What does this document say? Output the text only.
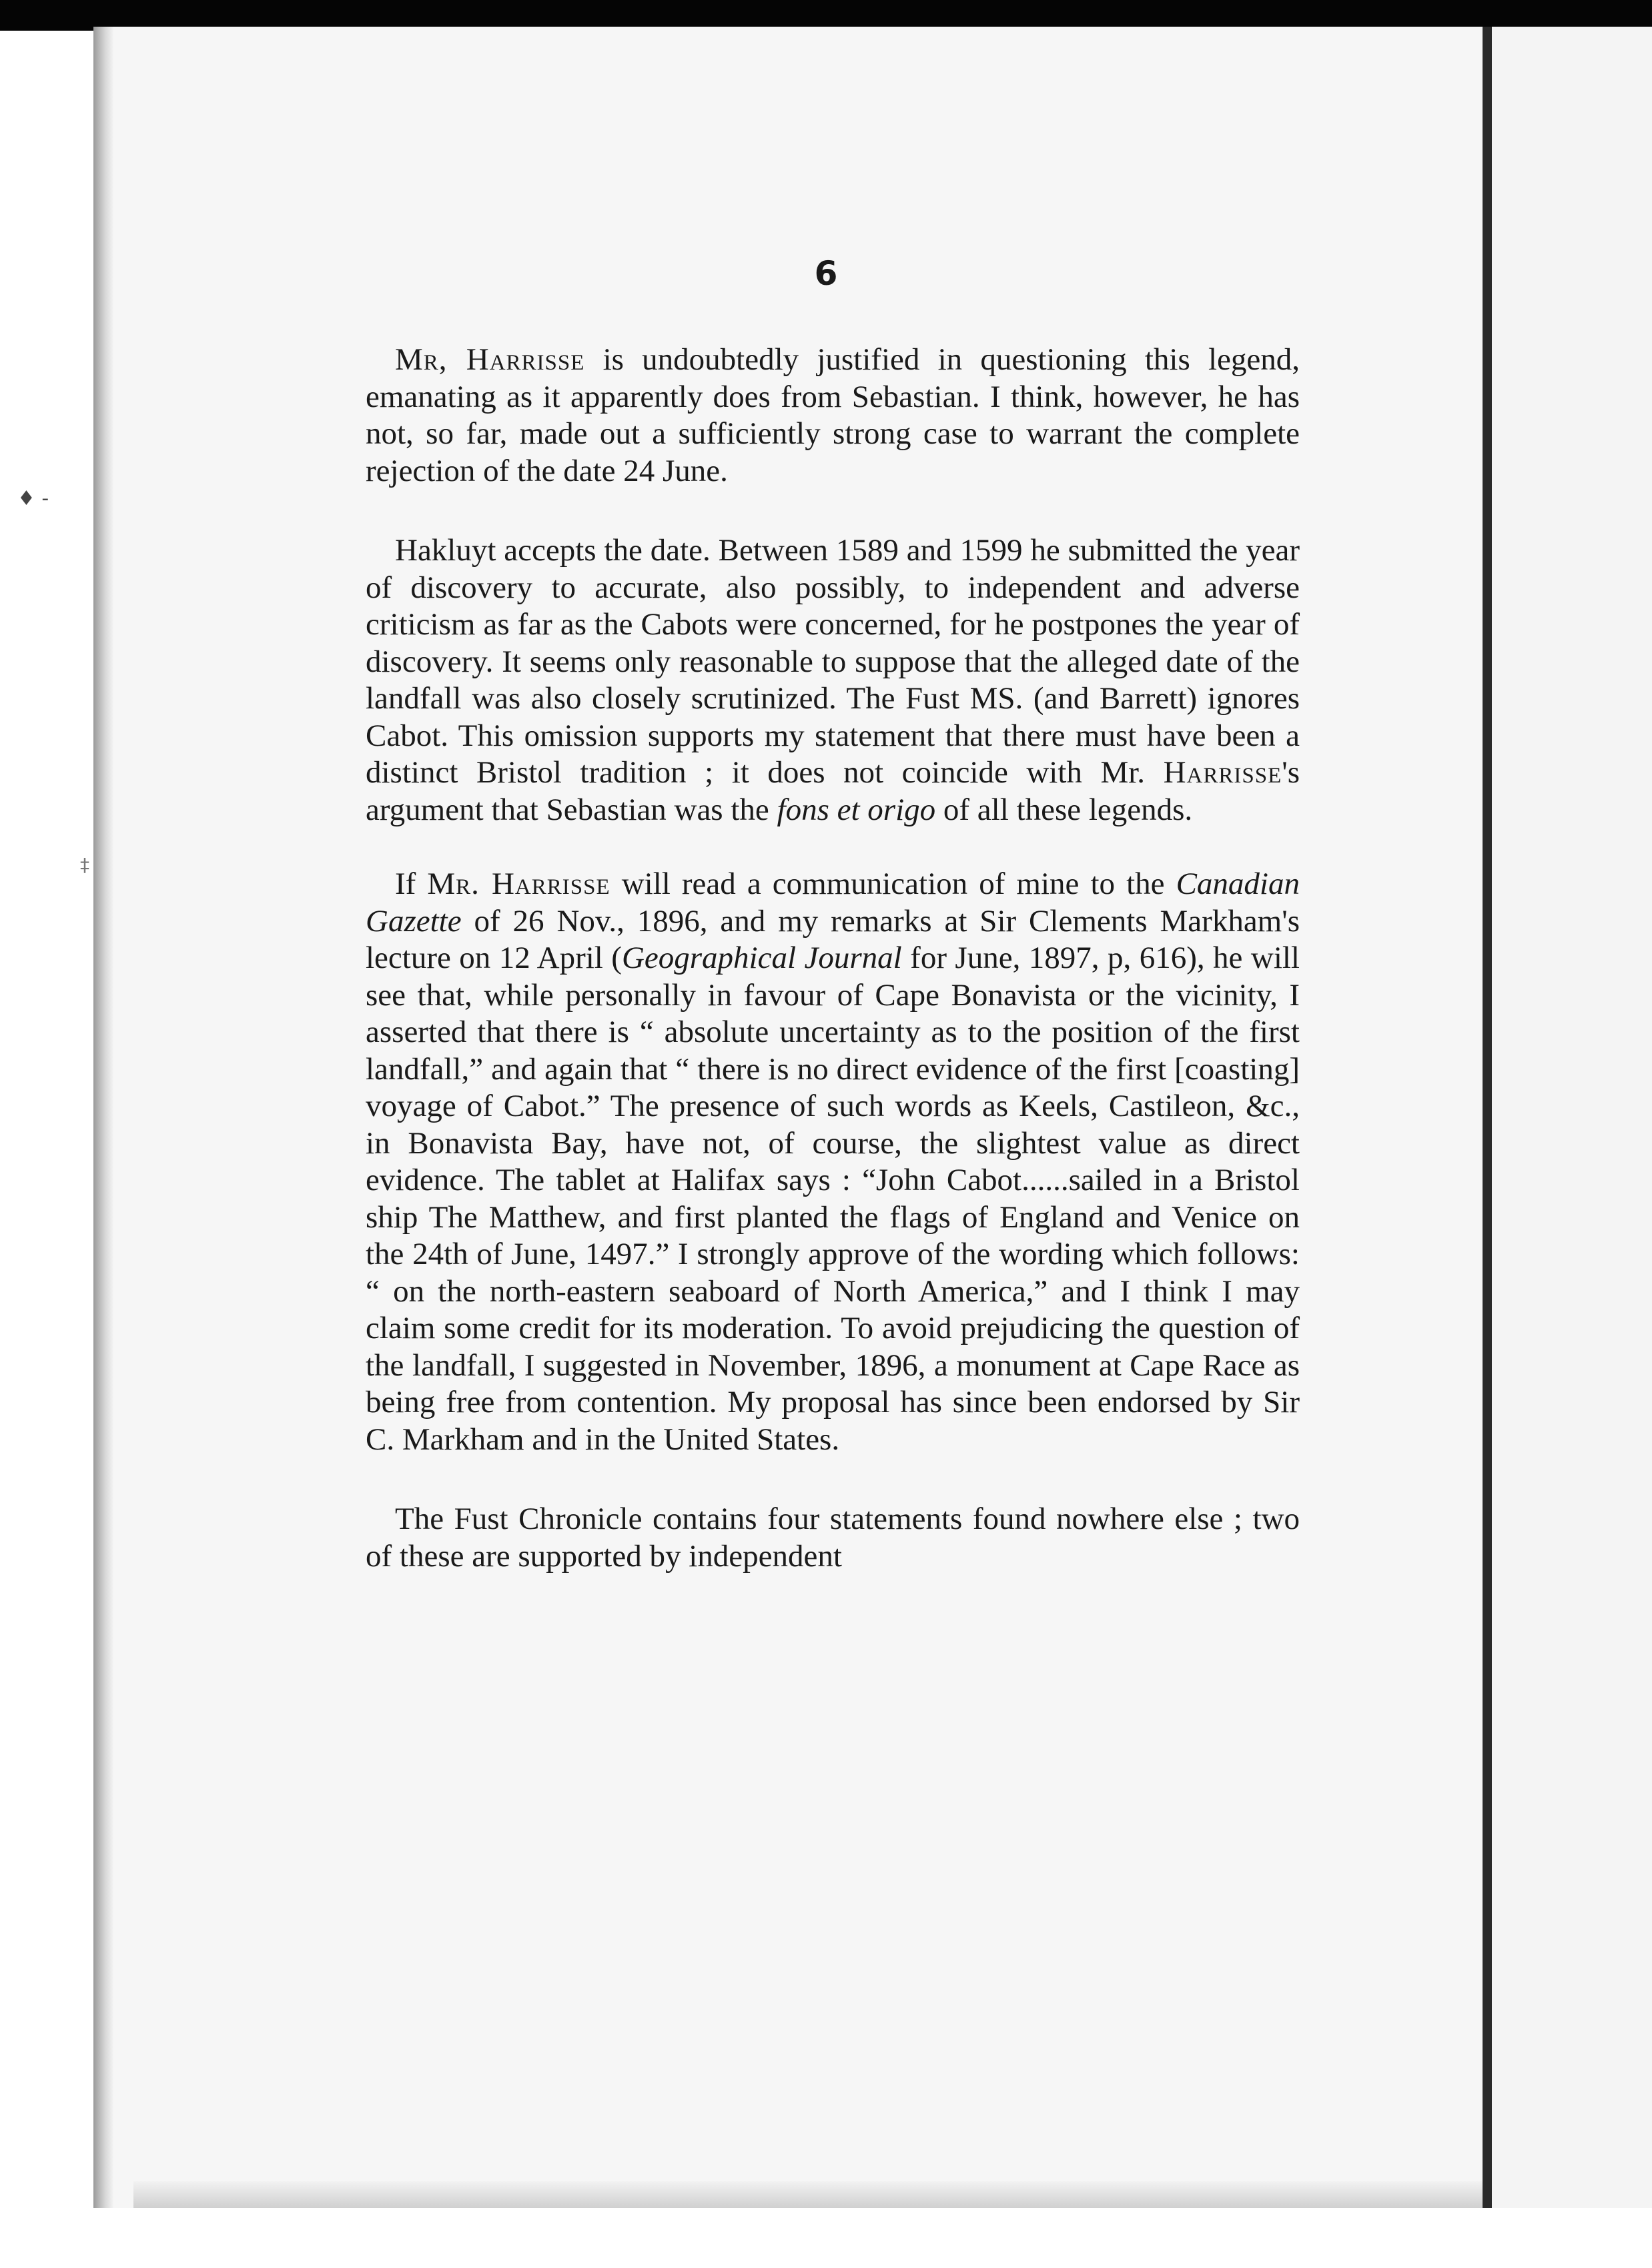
♦ -
‡
6

Mr, Harrisse is undoubtedly justified in questioning this legend, emanating as it apparently does from Sebastian. I think, however, he has not, so far, made out a sufficiently strong case to warrant the complete rejection of the date 24 June.

Hakluyt accepts the date. Between 1589 and 1599 he submitted the year of discovery to accurate, also possibly, to independent and adverse criticism as far as the Cabots were concerned, for he postpones the year of discovery. It seems only reasonable to suppose that the alleged date of the landfall was also closely scrutinized. The Fust MS. (and Barrett) ignores Cabot. This omission supports my statement that there must have been a distinct Bristol tradition ; it does not coincide with Mr. Harrisse's argument that Sebastian was the fons et origo of all these legends.

If Mr. Harrisse will read a communication of mine to the Canadian Gazette of 26 Nov., 1896, and my remarks at Sir Clements Markham's lecture on 12 April (Geographical Journal for June, 1897, p, 616), he will see that, while personally in favour of Cape Bonavista or the vicinity, I asserted that there is “ absolute uncertainty as to the position of the first landfall,” and again that “ there is no direct evidence of the first [coasting] voyage of Cabot.” The presence of such words as Keels, Castileon, &c., in Bonavista Bay, have not, of course, the slightest value as direct evidence. The tablet at Halifax says : “John Cabot......sailed in a Bristol ship The Matthew, and first planted the flags of England and Venice on the 24th of June, 1497.” I strongly approve of the wording which follows: “ on the north-eastern seaboard of North America,” and I think I may claim some credit for its moderation. To avoid prejudicing the question of the landfall, I suggested in November, 1896, a monument at Cape Race as being free from contention. My proposal has since been endorsed by Sir C. Markham and in the United States.

The Fust Chronicle contains four statements found nowhere else ; two of these are supported by independent
